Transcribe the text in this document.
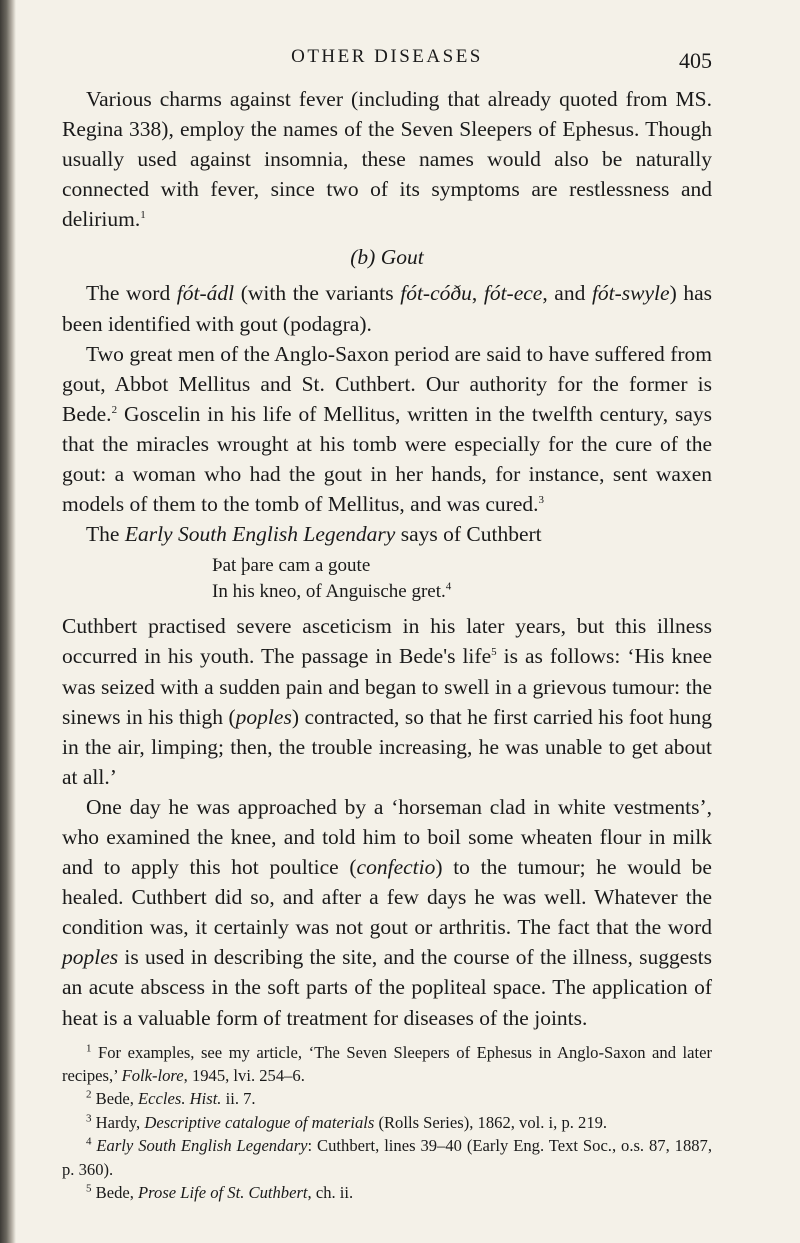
OTHER DISEASES	405

Various charms against fever (including that already quoted from MS. Regina 338), employ the names of the Seven Sleepers of Ephesus. Though usually used against insomnia, these names would also be naturally connected with fever, since two of its symptoms are restlessness and delirium.$^1$

(b) Gout

The word fót-ádl (with the variants fót-cóðu, fót-ece, and fót-swyle) has been identified with gout (podagra).

Two great men of the Anglo-Saxon period are said to have suffered from gout, Abbot Mellitus and St. Cuthbert. Our authority for the former is Bede.$^2$ Goscelin in his life of Mellitus, written in the twelfth century, says that the miracles wrought at his tomb were especially for the cure of the gout: a woman who had the gout in her hands, for instance, sent waxen models of them to the tomb of Mellitus, and was cured.$^3$

The Early South English Legendary says of Cuthbert

Þat þare cam a goute
In his kneo, of Anguische gret.$^4$

Cuthbert practised severe asceticism in his later years, but this illness occurred in his youth. The passage in Bede's life$^5$ is as follows: ‘His knee was seized with a sudden pain and began to swell in a grievous tumour: the sinews in his thigh (poples) contracted, so that he first carried his foot hung in the air, limping; then, the trouble increasing, he was unable to get about at all.’

One day he was approached by a ‘horseman clad in white vestments’, who examined the knee, and told him to boil some wheaten flour in milk and to apply this hot poultice (confectio) to the tumour; he would be healed. Cuthbert did so, and after a few days he was well. Whatever the condition was, it certainly was not gout or arthritis. The fact that the word poples is used in describing the site, and the course of the illness, suggests an acute abscess in the soft parts of the popliteal space. The application of heat is a valuable form of treatment for diseases of the joints.

$^1$ For examples, see my article, ‘The Seven Sleepers of Ephesus in Anglo-Saxon and later recipes,’ Folk-lore, 1945, lvi. 254–6.
$^2$ Bede, Eccles. Hist. ii. 7.
$^3$ Hardy, Descriptive catalogue of materials (Rolls Series), 1862, vol. i, p. 219.
$^4$ Early South English Legendary: Cuthbert, lines 39–40 (Early Eng. Text Soc., o.s. 87, 1887, p. 360).
$^5$ Bede, Prose Life of St. Cuthbert, ch. ii.
